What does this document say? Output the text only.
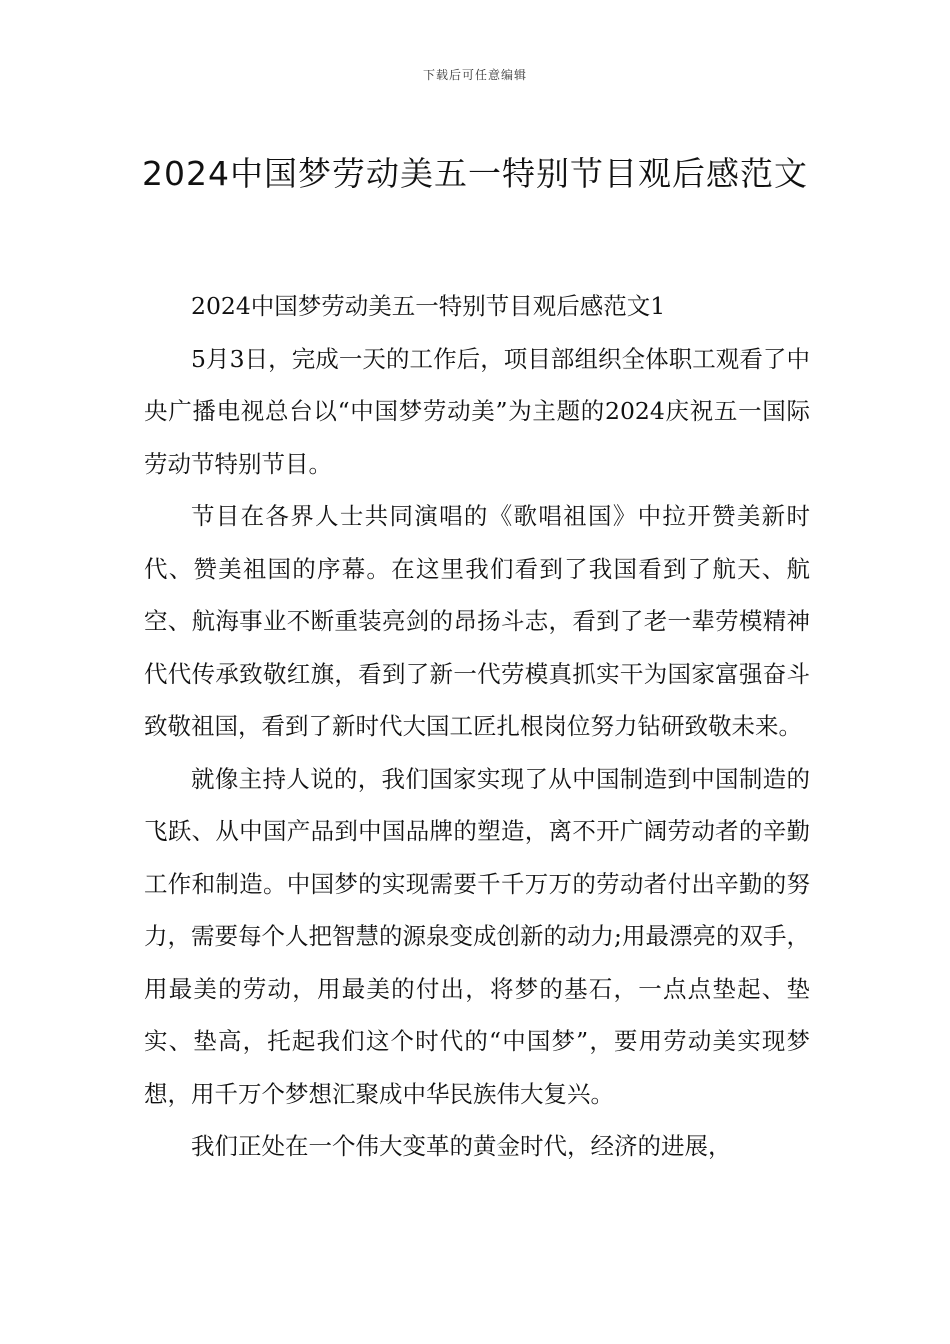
下载后可任意编辑
2024中国梦劳动美五一特别节目观后感范文

2024中国梦劳动美五一特别节目观后感范文1

5月3日，完成一天的工作后，项目部组织全体职工观看了中央广播电视总台以“中国梦劳动美”为主题的2024庆祝五一国际劳动节特别节目。

节目在各界人士共同演唱的《歌唱祖国》中拉开赞美新时代、赞美祖国的序幕。在这里我们看到了我国看到了航天、航空、航海事业不断重装亮剑的昂扬斗志，看到了老一辈劳模精神代代传承致敬红旗，看到了新一代劳模真抓实干为国家富强奋斗致敬祖国，看到了新时代大国工匠扎根岗位努力钻研致敬未来。

就像主持人说的，我们国家实现了从中国制造到中国制造的飞跃、从中国产品到中国品牌的塑造，离不开广阔劳动者的辛勤工作和制造。中国梦的实现需要千千万万的劳动者付出辛勤的努力，需要每个人把智慧的源泉变成创新的动力;用最漂亮的双手，用最美的劳动，用最美的付出，将梦的基石，一点点垫起、垫实、垫高，托起我们这个时代的“中国梦”，要用劳动美实现梦想，用千万个梦想汇聚成中华民族伟大复兴。

我们正处在一个伟大变革的黄金时代，经济的进展，
